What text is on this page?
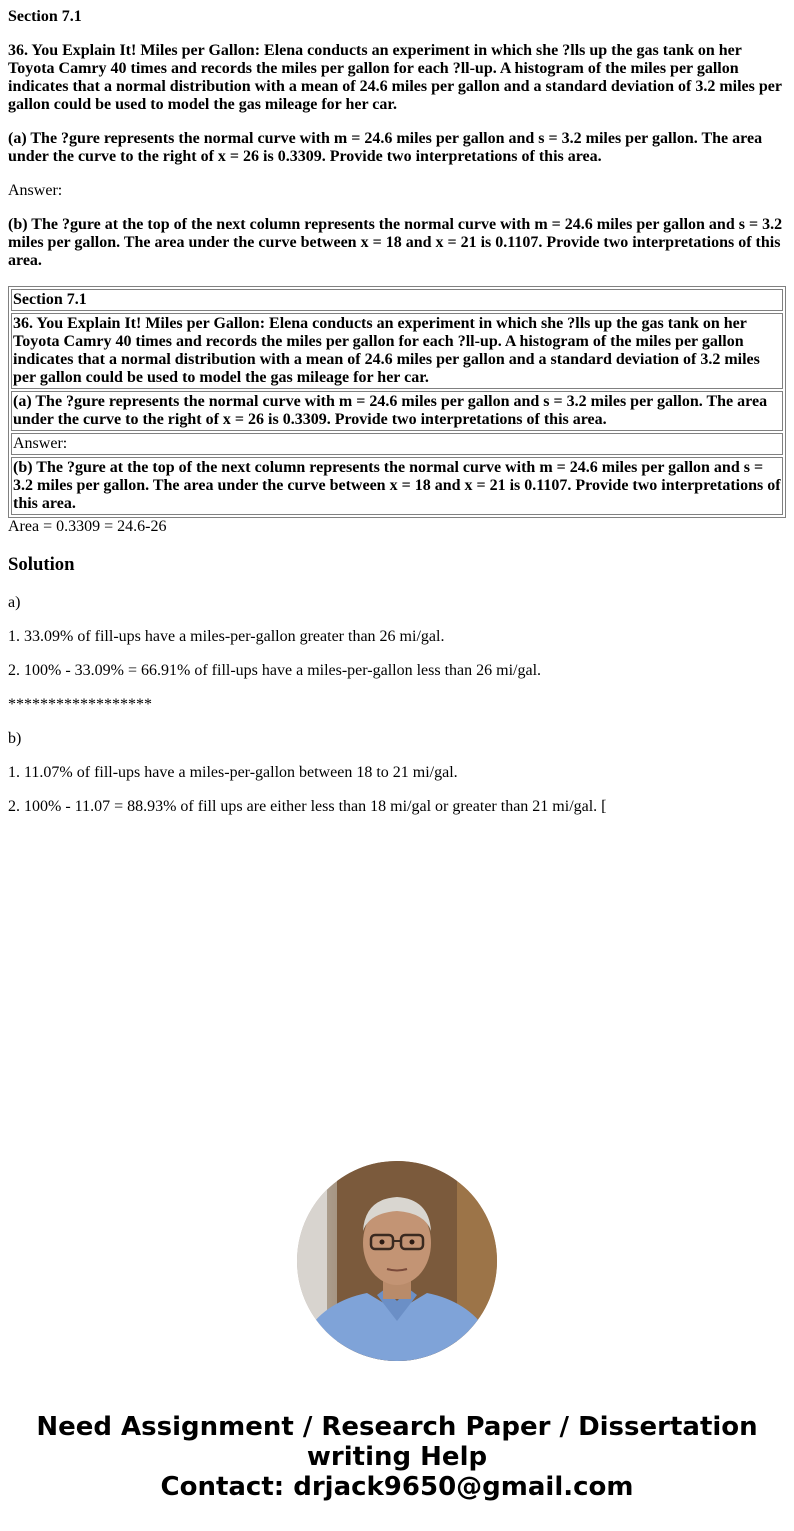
Section 7.1

36. You Explain It! Miles per Gallon: Elena conducts an experiment in which she ?lls up the gas tank on her Toyota Camry 40 times and records the miles per gallon for each ?ll-up. A histogram of the miles per gallon indicates that a normal distribution with a mean of 24.6 miles per gallon and a standard deviation of 3.2 miles per gallon could be used to model the gas mileage for her car.

(a) The ?gure represents the normal curve with m = 24.6 miles per gallon and s = 3.2 miles per gallon. The area under the curve to the right of x = 26 is 0.3309. Provide two interpretations of this area.

Answer:

(b) The ?gure at the top of the next column represents the normal curve with m = 24.6 miles per gallon and s = 3.2 miles per gallon. The area under the curve between x = 18 and x = 21 is 0.1107. Provide two interpretations of this area.

Section 7.1
36. You Explain It! Miles per Gallon: Elena conducts an experiment in which she ?lls up the gas tank on her Toyota Camry 40 times and records the miles per gallon for each ?ll-up. A histogram of the miles per gallon indicates that a normal distribution with a mean of 24.6 miles per gallon and a standard deviation of 3.2 miles per gallon could be used to model the gas mileage for her car.
(a) The ?gure represents the normal curve with m = 24.6 miles per gallon and s = 3.2 miles per gallon. The area under the curve to the right of x = 26 is 0.3309. Provide two interpretations of this area.
Answer:
(b) The ?gure at the top of the next column represents the normal curve with m = 24.6 miles per gallon and s = 3.2 miles per gallon. The area under the curve between x = 18 and x = 21 is 0.1107. Provide two interpretations of this area.
Area = 0.3309 = 24.6-26
Solution

a)

1. 33.09% of fill-ups have a miles-per-gallon greater than 26 mi/gal.

2. 100% - 33.09% = 66.91% of fill-ups have a miles-per-gallon less than 26 mi/gal.

******************

b)

1. 11.07% of fill-ups have a miles-per-gallon between 18 to 21 mi/gal.

2. 100% - 11.07 = 88.93% of fill ups are either less than 18 mi/gal or greater than 21 mi/gal. [

Need Assignment / Research Paper / Dissertation
writing Help
Contact: drjack9650@gmail.com
